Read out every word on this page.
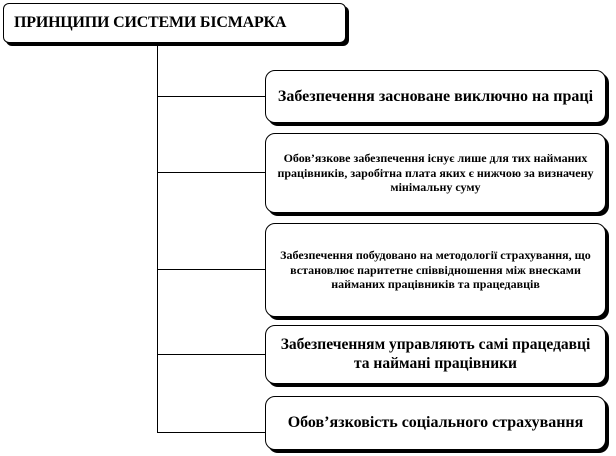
ПРИНЦИПИ СИСТЕМИ БІСМАРКА
Забезпечення засноване виключно на праці
Обов’язкове забезпечення існує лише для тих найманих працівників, заробітна плата яких є нижчою за визначену мінімальну суму
Забезпечення побудовано на методології страхування, що встановлює паритетне співвідношення між внесками найманих працівників та працедавців
Забезпеченням управляють самі працедавці та наймані працівники
Обов’язковість соціального страхування
